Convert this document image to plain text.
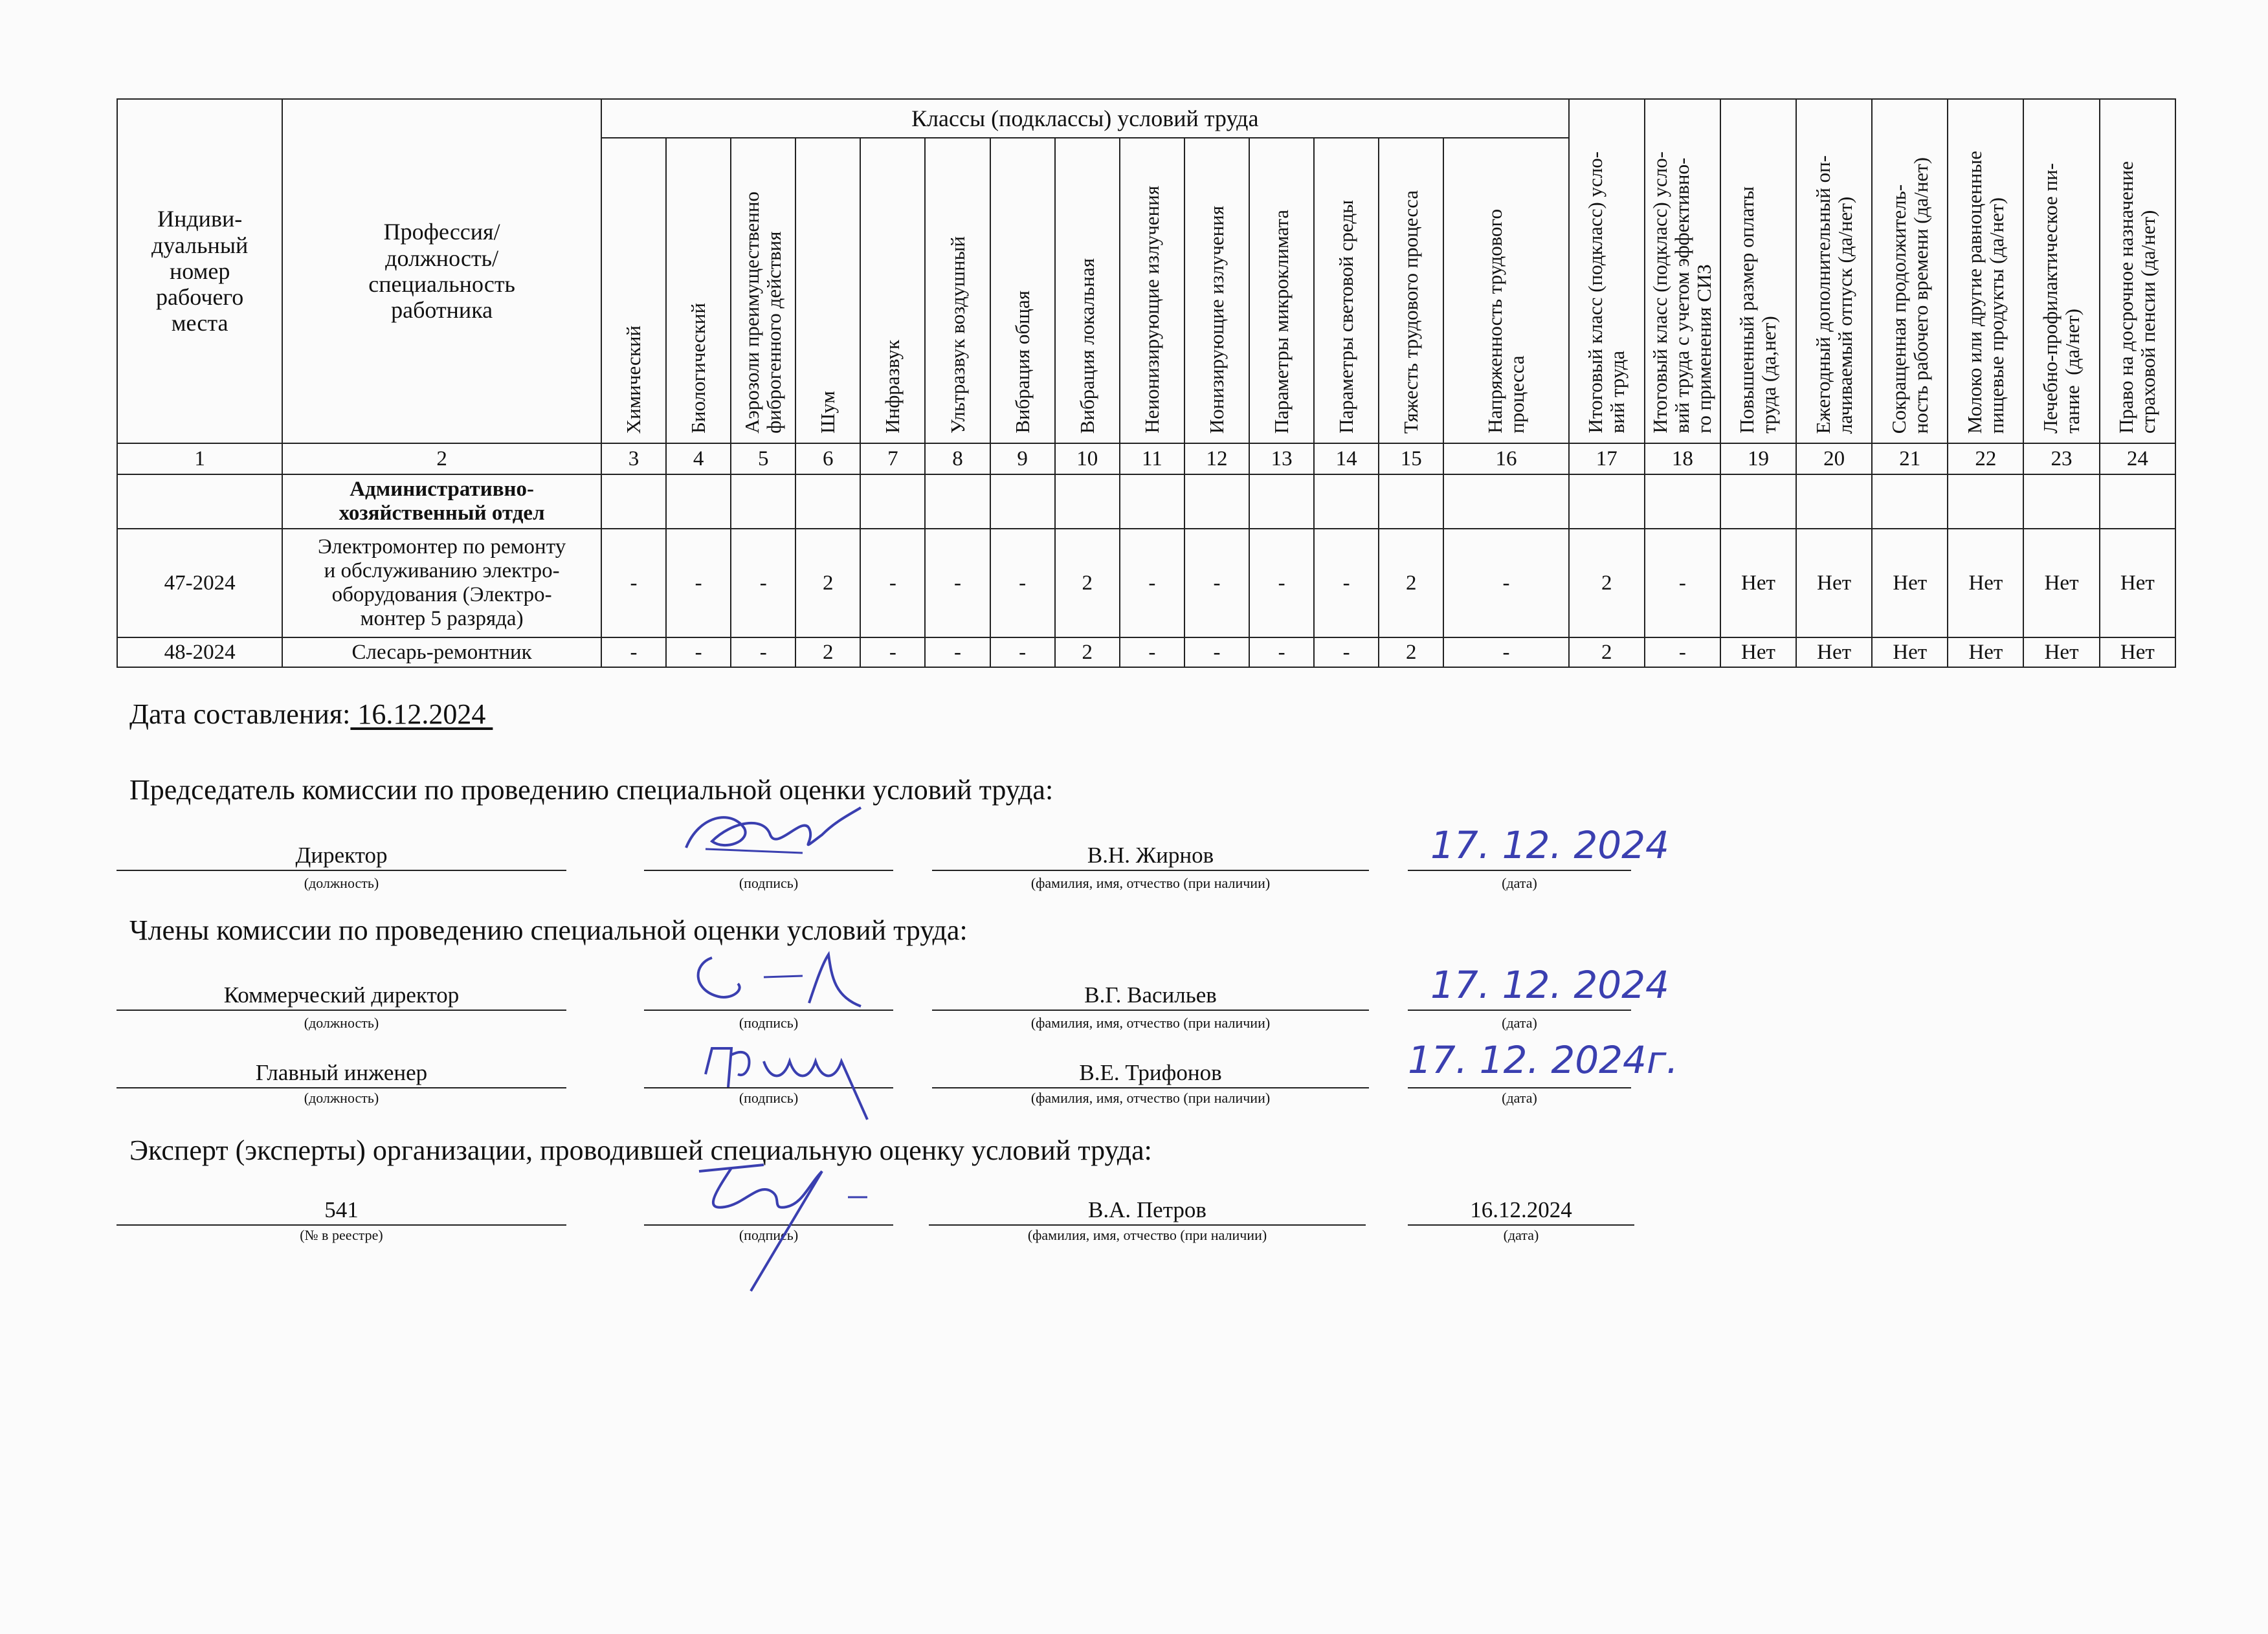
Индиви-
дуальный
номер
рабочего
места	Профессия/
должность/
специальность
работника	Классы (подклассы) условий труда														Итоговый класс (подкласс) усло-
вий труда	Итоговый класс (подкласс) усло-
вий труда с учетом эффективно-
го применения СИЗ	Повышенный размер оплаты
труда (да,нет)	Ежегодный дополнительный оп-
лачиваемый отпуск (да/нет)	Сокращенная продолжитель-
ность рабочего времени (да/нет)	Молоко или другие равноценные
пищевые продукты (да/нет)	Лечебно-профилактическое пи-
тание  (да/нет)	Право на досрочное назначение
страховой пенсии (да/нет)

		Химический	Биологический	Аэрозоли преимущественно
фиброгенного действия	Шум	Инфразвук	Ультразвук воздушный	Вибрация общая	Вибрация локальная	Неионизирующие излучения	Ионизирующие излучения	Параметры микроклимата	Параметры световой среды	Тяжесть трудового процесса	Напряженность трудового
процесса								

1	2	3	4	5	6	7	8	9	10	11	12	13	14	15	16	17	18	19	20	21	22	23	24
	Административно-
хозяйственный отдел																						
47-2024	Электромонтер по ремонту
и обслуживанию электро-
оборудования (Электро-
монтер 5 разряда)	-	-	-	2	-	-	-	2	-	-	-	-	2	-	2	-	Нет	Нет	Нет	Нет	Нет	Нет
48-2024	Слесарь-ремонтник	-	-	-	2	-	-	-	2	-	-	-	-	2	-	2	-	Нет	Нет	Нет	Нет	Нет	Нет
Дата составления: 16.12.2024
Председатель комиссии по проведению специальной оценки условий труда:
Директор	В.Н. Жирнов
(должность)	(подпись)	(фамилия, имя, отчество (при наличии)	(дата)
17. 12. 2024
Члены комиссии по проведению специальной оценки условий труда:
Коммерческий директор	В.Г. Васильев
(должность)	(подпись)	(фамилия, имя, отчество (при наличии)	(дата)
17. 12. 2024
Главный инженер	В.Е. Трифонов
(должность)	(подпись)	(фамилия, имя, отчество (при наличии)	(дата)
17. 12. 2024г.
Эксперт (эксперты) организации, проводившей специальную оценку условий труда:
541	В.А. Петров	16.12.2024
(№ в реестре)	(подпись)	(фамилия, имя, отчество (при наличии)	(дата)
